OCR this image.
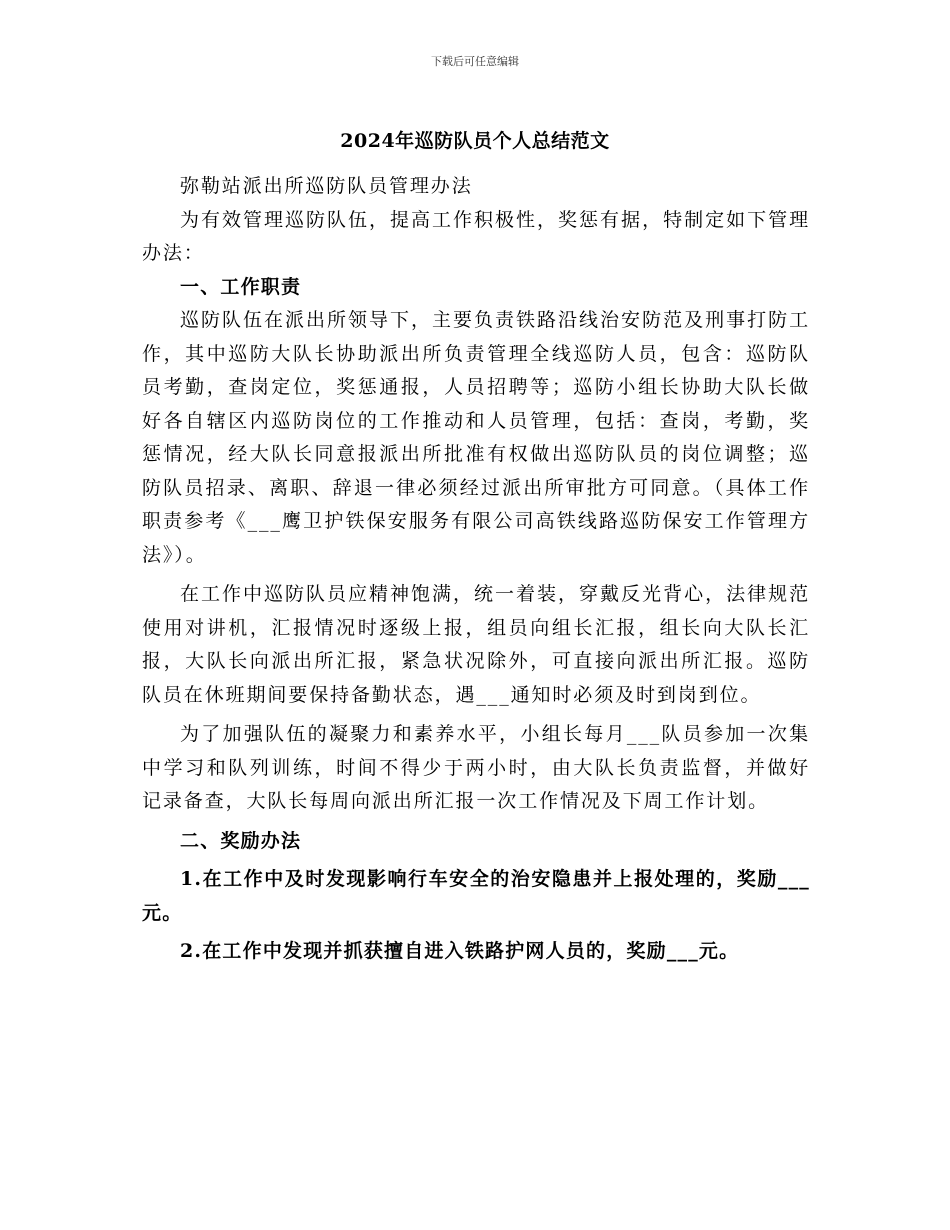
下载后可任意编辑
2024年巡防队员个人总结范文

弥勒站派出所巡防队员管理办法

为有效管理巡防队伍，提高工作积极性，奖惩有据，特制定如下管理办法：

一、工作职责

巡防队伍在派出所领导下，主要负责铁路沿线治安防范及刑事打防工作，其中巡防大队长协助派出所负责管理全线巡防人员，包含：巡防队员考勤，查岗定位，奖惩通报，人员招聘等；巡防小组长协助大队长做好各自辖区内巡防岗位的工作推动和人员管理，包括：查岗，考勤，奖惩情况，经大队长同意报派出所批准有权做出巡防队员的岗位调整；巡防队员招录、离职、辞退一律必须经过派出所审批方可同意。（具体工作职责参考《___鹰卫护铁保安服务有限公司高铁线路巡防保安工作管理方法》）。

在工作中巡防队员应精神饱满，统一着装，穿戴反光背心，法律规范使用对讲机，汇报情况时逐级上报，组员向组长汇报，组长向大队长汇报，大队长向派出所汇报，紧急状况除外，可直接向派出所汇报。巡防队员在休班期间要保持备勤状态，遇___通知时必须及时到岗到位。

为了加强队伍的凝聚力和素养水平，小组长每月___队员参加一次集中学习和队列训练，时间不得少于两小时，由大队长负责监督，并做好记录备查，大队长每周向派出所汇报一次工作情况及下周工作计划。

二、奖励办法

1.在工作中及时发现影响行车安全的治安隐患并上报处理的，奖励___元。

2.在工作中发现并抓获擅自进入铁路护网人员的，奖励___元。
